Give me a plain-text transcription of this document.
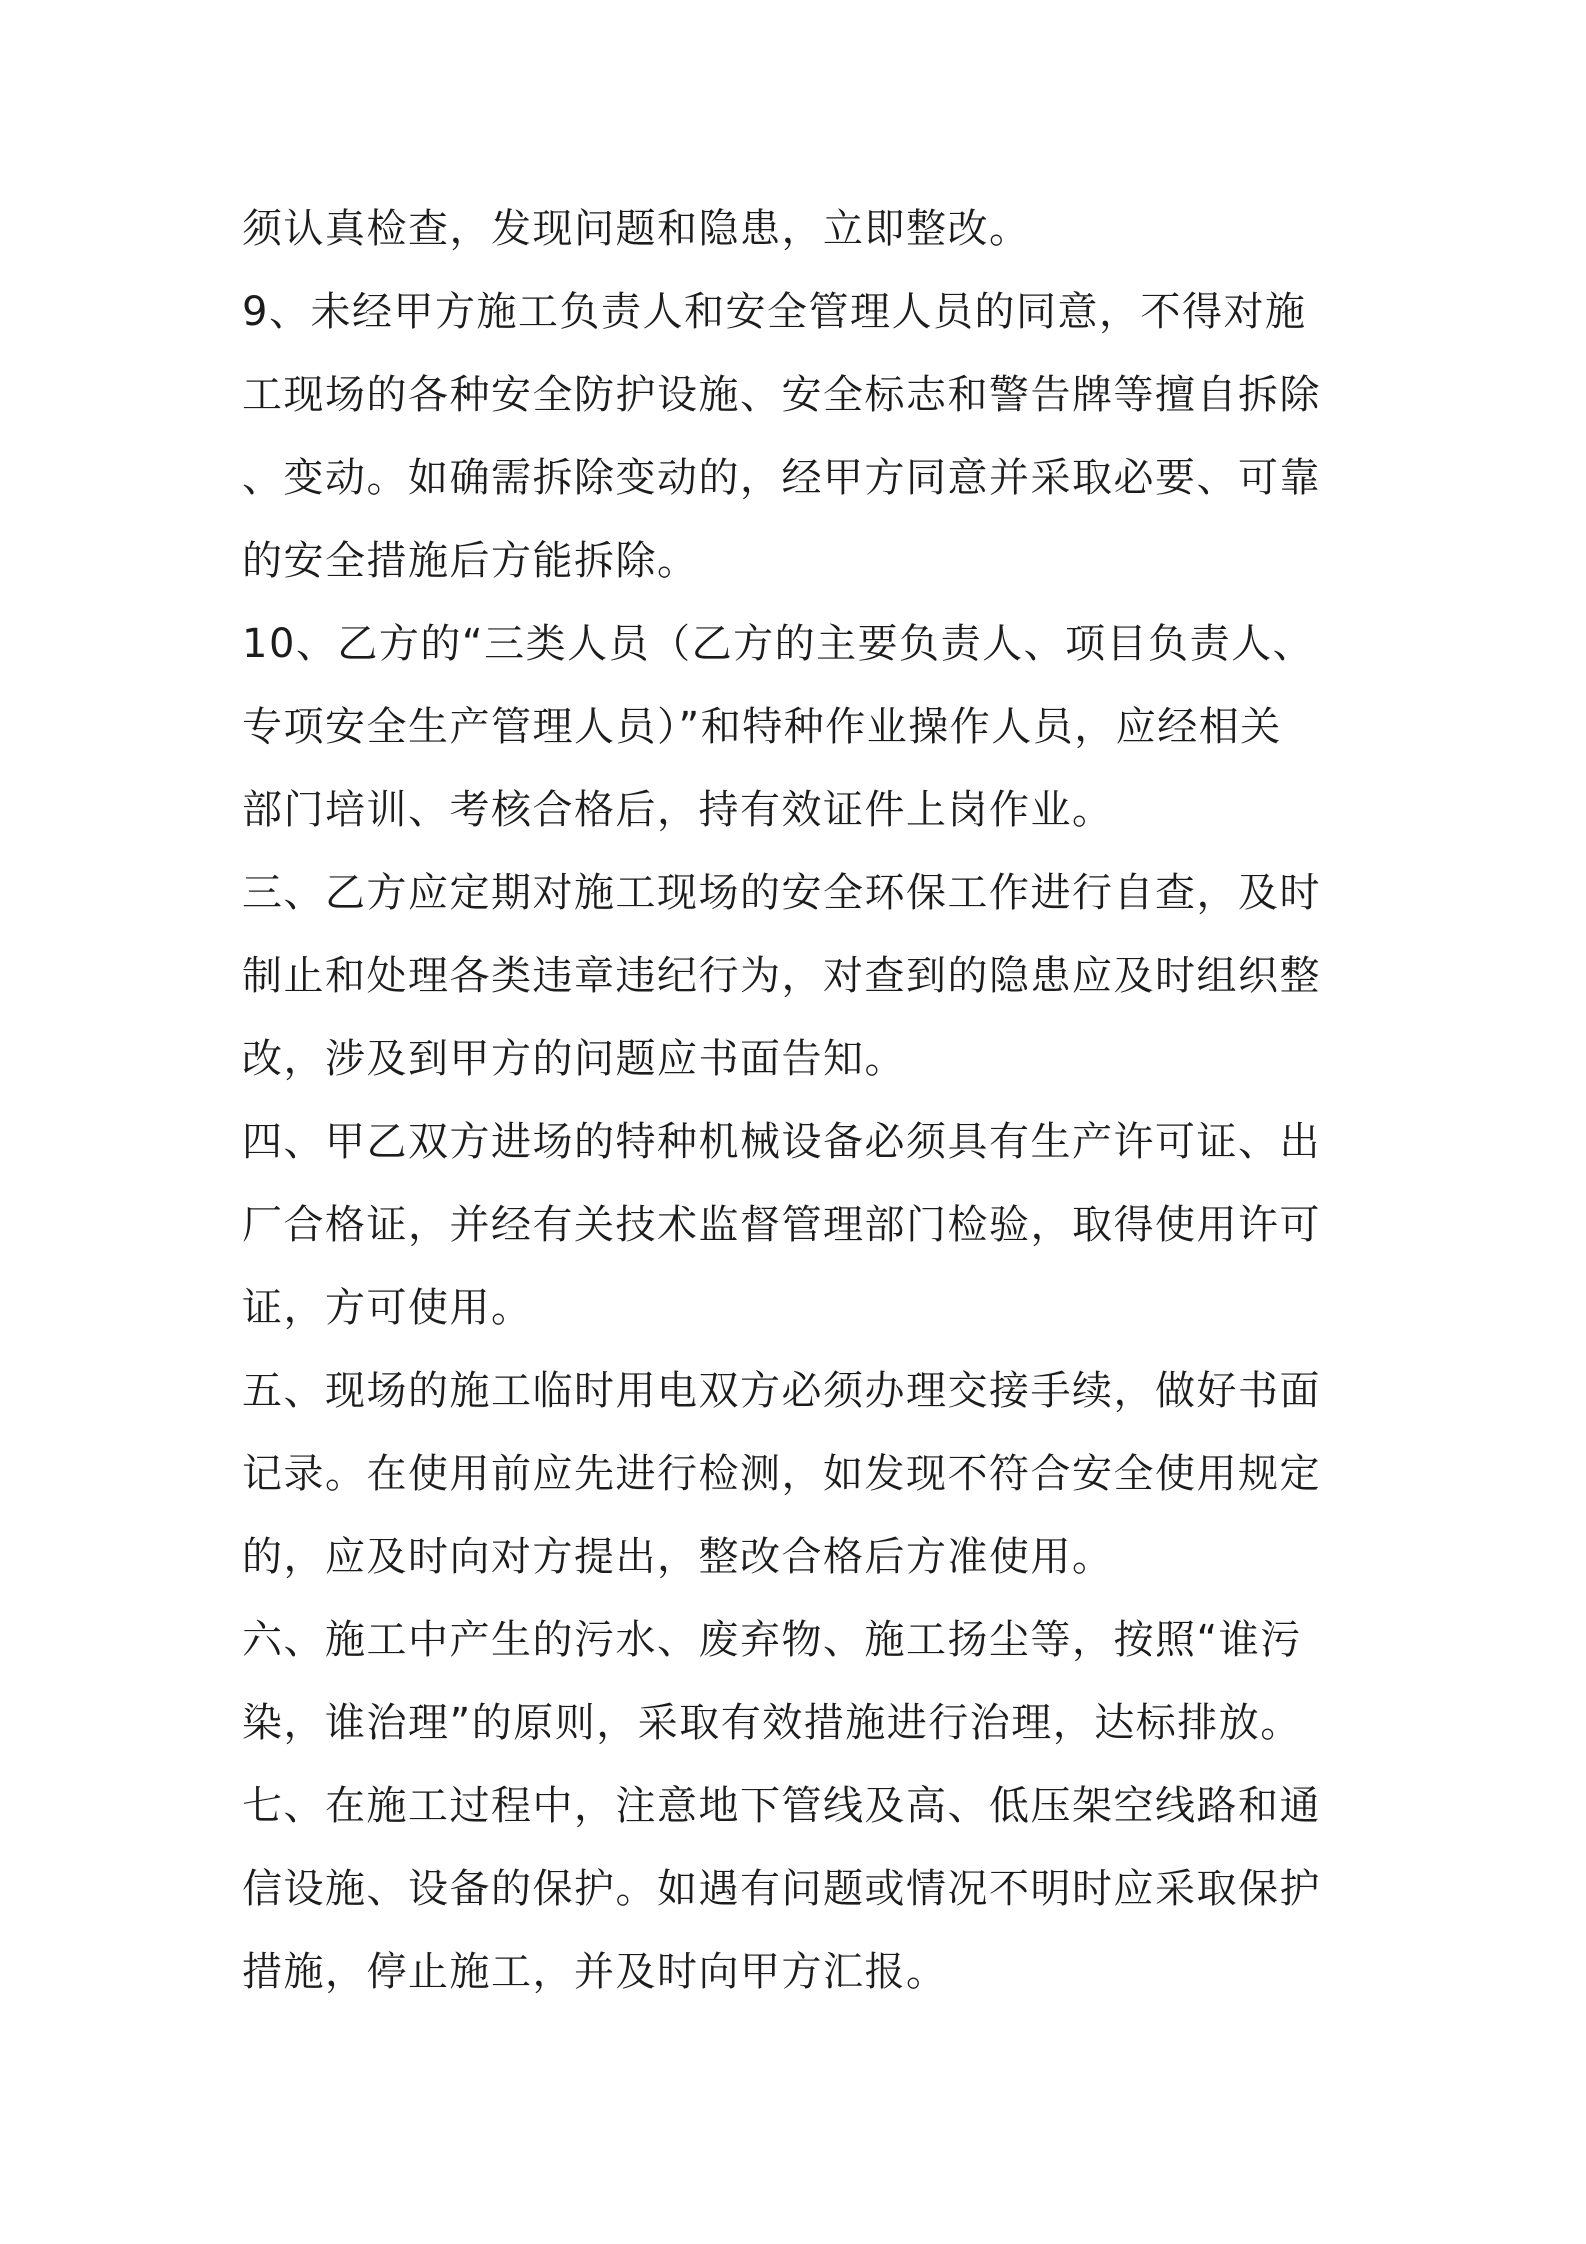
须认真检查，发现问题和隐患，立即整改。
9、未经甲方施工负责人和安全管理人员的同意，不得对施
工现场的各种安全防护设施、安全标志和警告牌等擅自拆除
、变动。如确需拆除变动的，经甲方同意并采取必要、可靠
的安全措施后方能拆除。
10、乙方的“三类人员（乙方的主要负责人、项目负责人、
专项安全生产管理人员）”和特种作业操作人员，应经相关
部门培训、考核合格后，持有效证件上岗作业。
三、乙方应定期对施工现场的安全环保工作进行自查，及时
制止和处理各类违章违纪行为，对查到的隐患应及时组织整
改，涉及到甲方的问题应书面告知。
四、甲乙双方进场的特种机械设备必须具有生产许可证、出
厂合格证，并经有关技术监督管理部门检验，取得使用许可
证，方可使用。
五、现场的施工临时用电双方必须办理交接手续，做好书面
记录。在使用前应先进行检测，如发现不符合安全使用规定
的，应及时向对方提出，整改合格后方准使用。
六、施工中产生的污水、废弃物、施工扬尘等，按照“谁污
染，谁治理”的原则，采取有效措施进行治理，达标排放。
七、在施工过程中，注意地下管线及高、低压架空线路和通
信设施、设备的保护。如遇有问题或情况不明时应采取保护
措施，停止施工，并及时向甲方汇报。
